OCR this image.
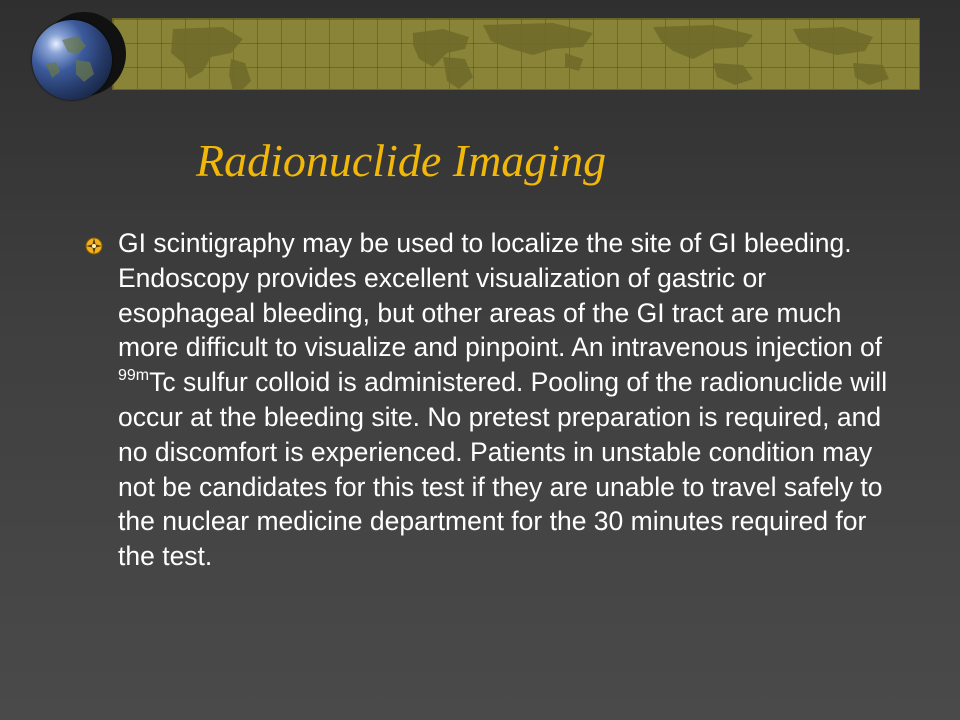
Radionuclide Imaging

GI scintigraphy may be used to localize the site of GI bleeding. Endoscopy provides excellent visualization of gastric or esophageal bleeding, but other areas of the GI tract are much more difficult to visualize and pinpoint. An intravenous injection of $^{99m}$Tc sulfur colloid is administered. Pooling of the radionuclide will occur at the bleeding site. No pretest preparation is required, and no discomfort is experienced. Patients in unstable condition may not be candidates for this test if they are unable to travel safely to the nuclear medicine department for the 30 minutes required for the test.
